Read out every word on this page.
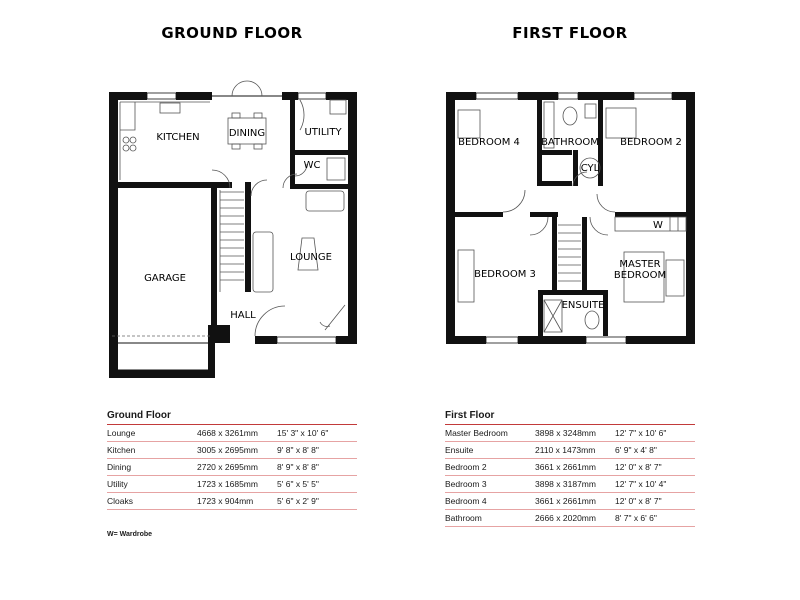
GROUND FLOOR
KITCHEN	DINING	UTILITY
WC
LOUNGE
GARAGE
HALL
FIRST FLOOR
BEDROOM 4 BATHROOM BEDROOM 2
CYL
BEDROOM 3
MASTER
BEDROOM
ENSUITE
W
Ground Floor
Lounge	4668 x 3261mm	15' 3" x 10' 6"
Kitchen	3005 x 2695mm	9' 8" x 8' 8"
Dining	2720 x 2695mm	8' 9" x 8' 8"
Utility	1723 x 1685mm	5' 6" x 5' 5"
Cloaks	1723 x 904mm	5' 6" x 2' 9"
First Floor
Master Bedroom	3898 x 3248mm	12' 7" x 10' 6"
Ensuite	2110 x 1473mm	6' 9" x 4' 8"
Bedroom 2	3661 x 2661mm	12' 0" x 8' 7"
Bedroom 3	3898 x 3187mm	12' 7" x 10' 4"
Bedroom 4	3661 x 2661mm	12' 0" x 8' 7"
Bathroom	2666 x 2020mm	8' 7" x 6' 6"
W= Wardrobe
